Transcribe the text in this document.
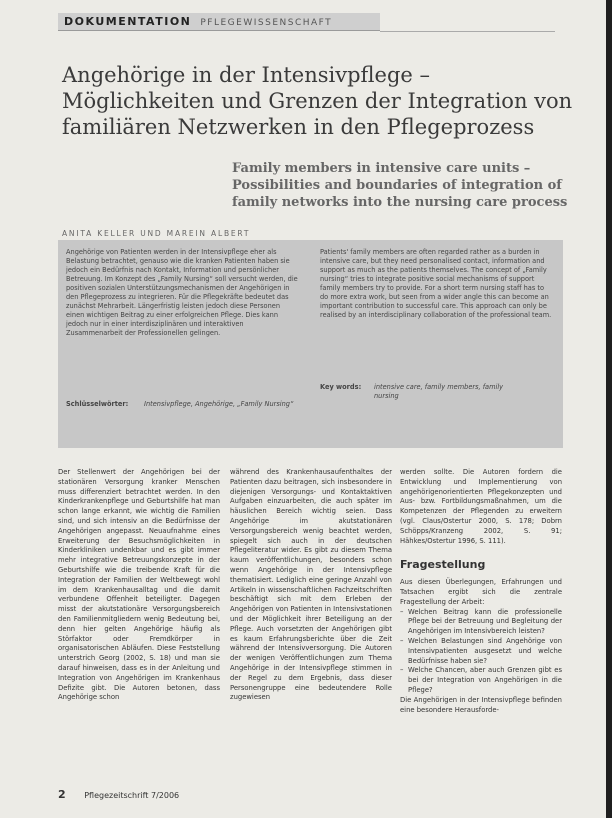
DOKUMENTATION PFLEGEWISSENSCHAFT
Angehörige in der Intensivpflege –
Möglichkeiten und Grenzen der Integration von
familiären Netzwerken in den Pflegeprozess
Family members in intensive care units –
Possibilities and boundaries of integration of
family networks into the nursing care process
ANITA KELLER UND MAREIN ALBERT

Angehörige von Patienten werden in der Intensivpflege eher als Belastung betrachtet, genauso wie die kranken Patienten haben sie jedoch ein Bedürfnis nach Kontakt, Information und persönlicher Betreuung. Im Konzept des „Family Nursing“ soll versucht werden, die positiven sozialen Unterstützungsmechanismen der Angehörigen in den Pflegeprozess zu integrieren. Für die Pflegekräfte bedeutet das zunächst Mehrarbeit. Längerfristig leisten jedoch diese Personen einen wichtigen Beitrag zu einer erfolgreichen Pflege. Dies kann jedoch nur in einer interdisziplinären und interaktiven Zusammenarbeit der Professionellen gelingen.

Patients' family members are often regarded rather as a burden in intensive care, but they need personalised contact, information and support as much as the patients themselves. The concept of „Family nursing“ tries to integrate positive social mechanisms of support family members try to provide. For a short term nursing staff has to do more extra work, but seen from a wider angle this can become an important contribution to successful care. This approach can only be realised by an interdisciplinary collaboration of the professional team.

Schlüsselwörter: Intensivpflege, Angehörige, „Family Nursing“
Key words: intensive care, family members, family nursing

Der Stellenwert der Angehörigen bei der stationären Versorgung kranker Menschen muss differenziert betrachtet werden. In den Kinderkrankenpflege und Geburtshilfe hat man schon lange erkannt, wie wichtig die Familien sind, und sich intensiv an die Bedürfnisse der Angehörigen angepasst. Neuaufnahme eines Erweiterung der Besuchsmöglichkeiten in Kinderkliniken undenkbar und es gibt immer mehr integrative Betreuungskonzepte in der Geburtshilfe wie die treibende Kraft für die Integration der Familien der Weltbewegt wohl im dem Krankenhausalltag und die damit verbundene Offenheit beteiligter. Dagegen misst der akutstationäre Versorgungsbereich den Familienmitgliedern wenig Bedeutung bei, denn hier gelten Angehörige häufig als Störfaktor oder Fremdkörper in organisatorischen Abläufen. Diese Feststellung unterstrich Georg (2002, S. 18) und man sie darauf hinweisen, dass es in der Anleitung und Integration von Angehörigen im Krankenhaus Defizite gibt. Die Autoren betonen, dass Angehörige schon

während des Krankenhausaufenthaltes der Patienten dazu beitragen, sich insbesondere in diejenigen Versorgungs- und Kontaktaktiven Aufgaben einzuarbeiten, die auch später im häuslichen Bereich wichtig seien. Dass Angehörige im akutstationären Versorgungsbereich wenig beachtet werden, spiegelt sich auch in der deutschen Pflegeliteratur wider. Es gibt zu diesem Thema kaum veröffentlichungen, besonders schon wenn Angehörige in der Intensivpflege thematisiert. Lediglich eine geringe Anzahl von Artikeln in wissenschaftlichen Fachzeitschriften beschäftigt sich mit dem Erleben der Angehörigen von Patienten in Intensivstationen und der Möglichkeit ihrer Beteiligung an der Pflege. Auch vorsetzten der Angehörigen gibt es kaum Erfahrungsberichte über die Zeit während der Intensivversorgung. Die Autoren der wenigen Veröffentlichungen zum Thema Angehörige in der Intensivpflege stimmen in der Regel zu dem Ergebnis, dass dieser Personengruppe eine bedeutendere Rolle zugewiesen

werden sollte. Die Autoren fordern die Entwicklung und Implementierung von angehörigenorientierten Pflegekonzepten und Aus- bzw. Fortbildungsmaßnahmen, um die Kompetenzen der Pflegenden zu erweitern (vgl. Claus/Ostertur 2000, S. 178; Dobrn Schöpps/Kranzeng 2002, S. 91; Hähkes/Ostertur 1996, S. 111).

Fragestellung

Aus diesen Überlegungen, Erfahrungen und Tatsachen ergibt sich die zentrale Fragestellung der Arbeit:

– Welchen Beitrag kann die professionelle Pflege bei der Betreuung und Begleitung der Angehörigen im Intensivbereich leisten?
– Welchen Belastungen sind Angehörige von Intensivpatienten ausgesetzt und welche Bedürfnisse haben sie?
– Welche Chancen, aber auch Grenzen gibt es bei der Integration von Angehörigen in die Pflege?

Die Angehörigen in der Intensivpflege befinden eine besondere Herausforde-

2 Pflegezeitschrift 7/2006
